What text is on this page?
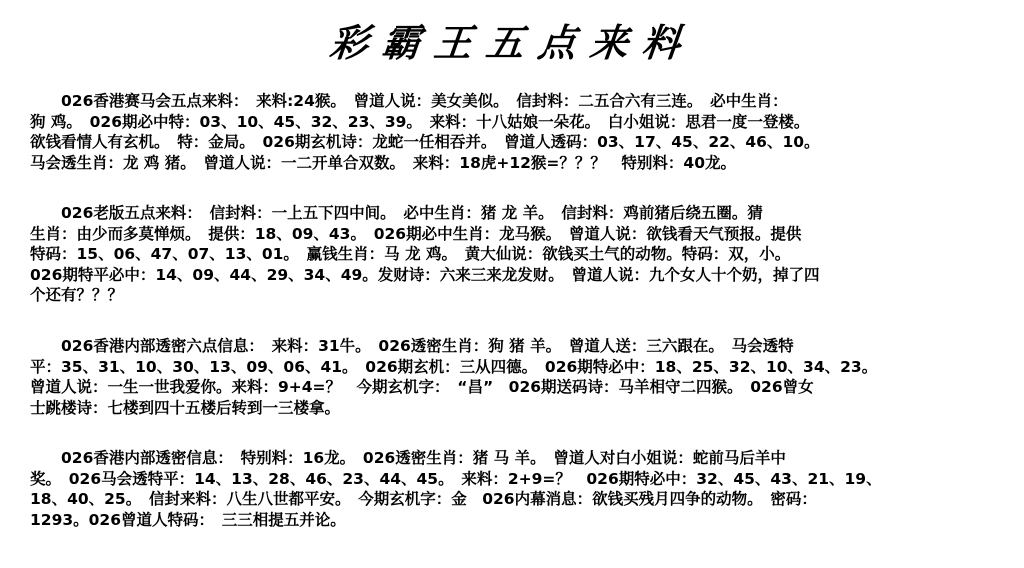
彩霸王五点来料
　　026香港赛马会五点来料：　来料:24猴。　曾道人说：美女美似。　信封料：二五合六有三连。　必中生肖：
狗 鸡。　026期必中特：03、10、45、32、23、39。　来料：十八姑娘一朵花。　白小姐说：思君一度一登楼。
欲钱看情人有玄机。　特：金局。　026期玄机诗：龙蛇一任相吞并。　曾道人透码：03、17、45、22、46、10。
马会透生肖：龙 鸡 猪。　曾道人说：一二开单合双数。　来料：18虎+12猴=？？？　特别料：40龙。
　　026老版五点来料：　信封料：一上五下四中间。　必中生肖：猪 龙 羊。　信封料：鸡前猪后绕五圈。猜
生肖：由少而多莫惮烦。　提供：18、09、43。　026期必中生肖：龙马猴。　曾道人说：欲钱看天气预报。提供
特码：15、06、47、07、13、01。　赢钱生肖：马 龙 鸡。　黄大仙说：欲钱买土气的动物。特码：双，小。
026期特平必中：14、09、44、29、34、49。发财诗：六来三来龙发财。　曾道人说：九个女人十个奶，掉了四
个还有？？？
　　026香港内部透密六点信息：　来料：31牛。　026透密生肖：狗 猪 羊。　曾道人送：三六跟在。　马会透特
平：35、31、10、30、13、09、06、41。　026期玄机：三从四德。　026期特必中：18、25、32、10、34、23。
曾道人说：一生一世我爱你。来料：9+4=？　今期玄机字：　“昌”　026期送码诗：马羊相守二四猴。　026曾女
士跳楼诗：七楼到四十五楼后转到一三楼拿。
　　026香港内部透密信息：　特别料：16龙。　026透密生肖：猪 马 羊。　曾道人对白小姐说：蛇前马后羊中
奖。　026马会透特平：14、13、28、46、23、44、45。　来料：2+9=？　026期特必中：32、45、43、21、19、
18、40、25。　信封来料：八生八世都平安。　今期玄机字：金　026内幕消息：欲钱买残月四争的动物。　密码：
1293。026曾道人特码：　三三相提五并论。
